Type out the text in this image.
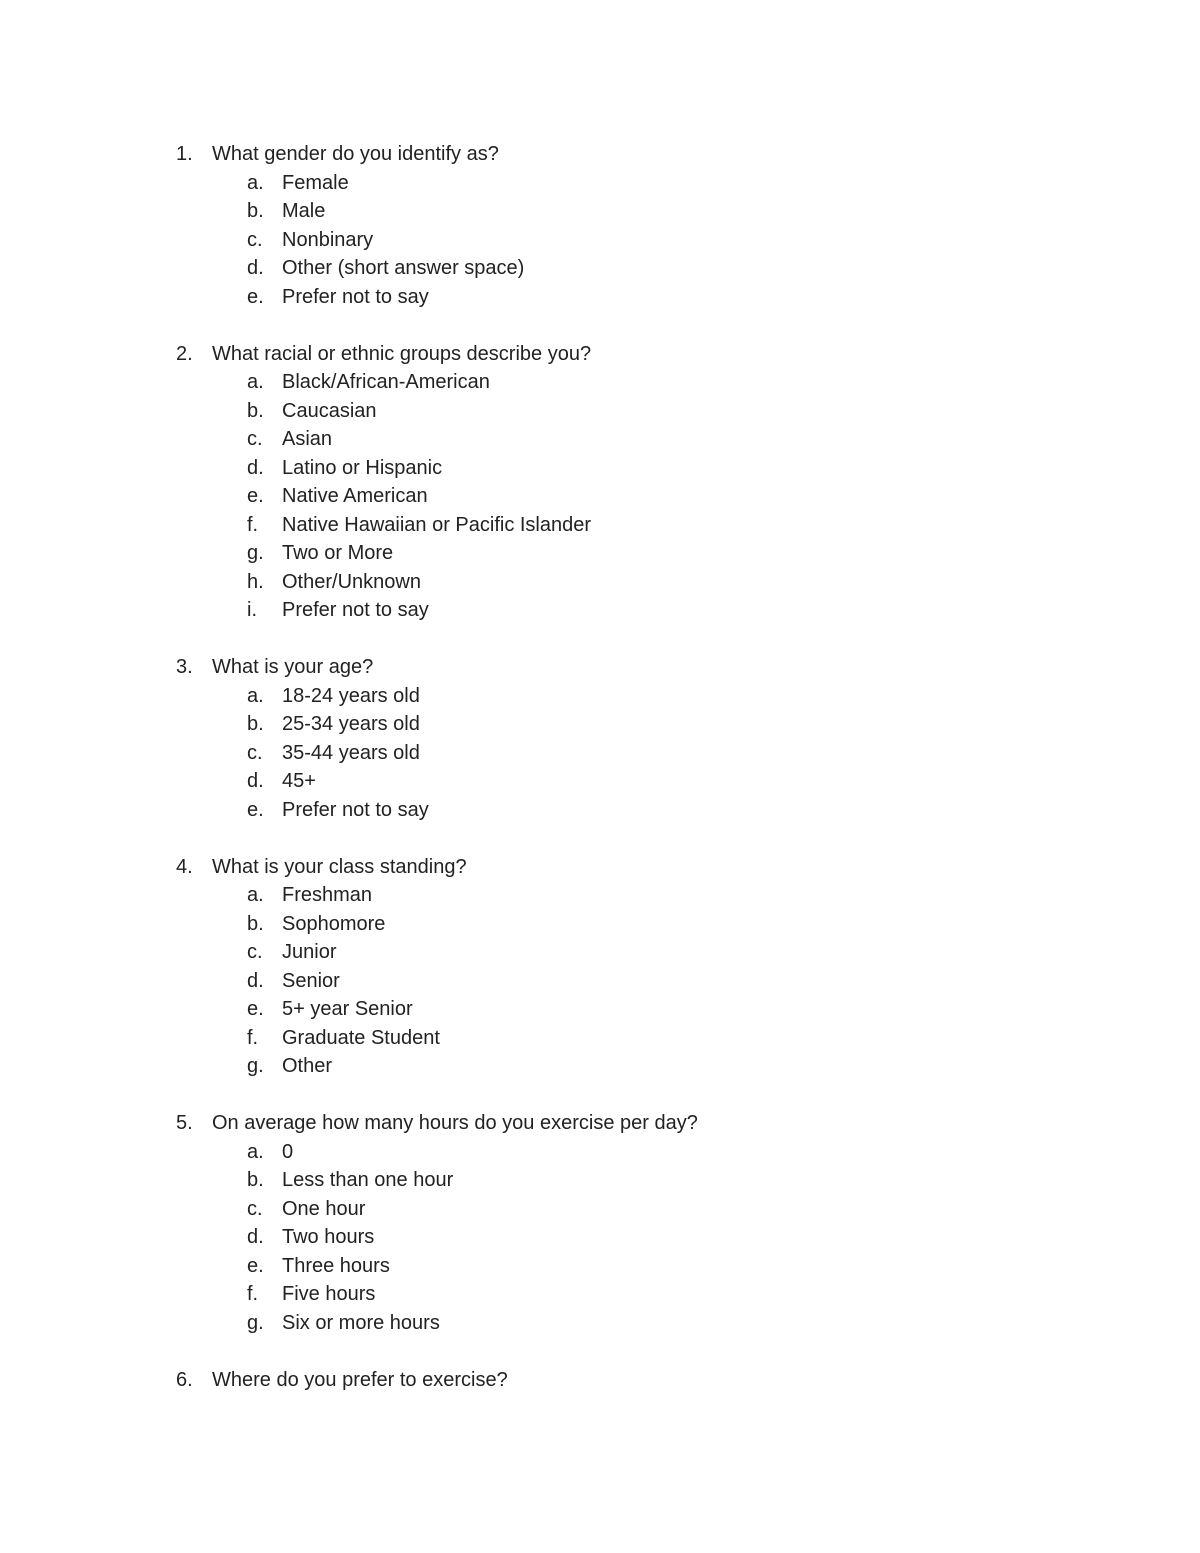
1. What gender do you identify as?
a. Female
b. Male
c. Nonbinary
d. Other (short answer space)
e. Prefer not to say
2. What racial or ethnic groups describe you?
a. Black/African-American
b. Caucasian
c. Asian
d. Latino or Hispanic
e. Native American
f.	Native Hawaiian or Pacific Islander
g. Two or More
h. Other/Unknown
i.	Prefer not to say
3. What is your age?
a. 18-24 years old
b. 25-34 years old
c. 35-44 years old
d. 45+
e. Prefer not to say
4. What is your class standing?
a. Freshman
b. Sophomore
c. Junior
d. Senior
e. 5+ year Senior
f.	Graduate Student
g. Other
5. On average how many hours do you exercise per day?
a. 0
b. Less than one hour
c. One hour
d. Two hours
e. Three hours
f.	Five hours
g. Six or more hours
6. Where do you prefer to exercise?
